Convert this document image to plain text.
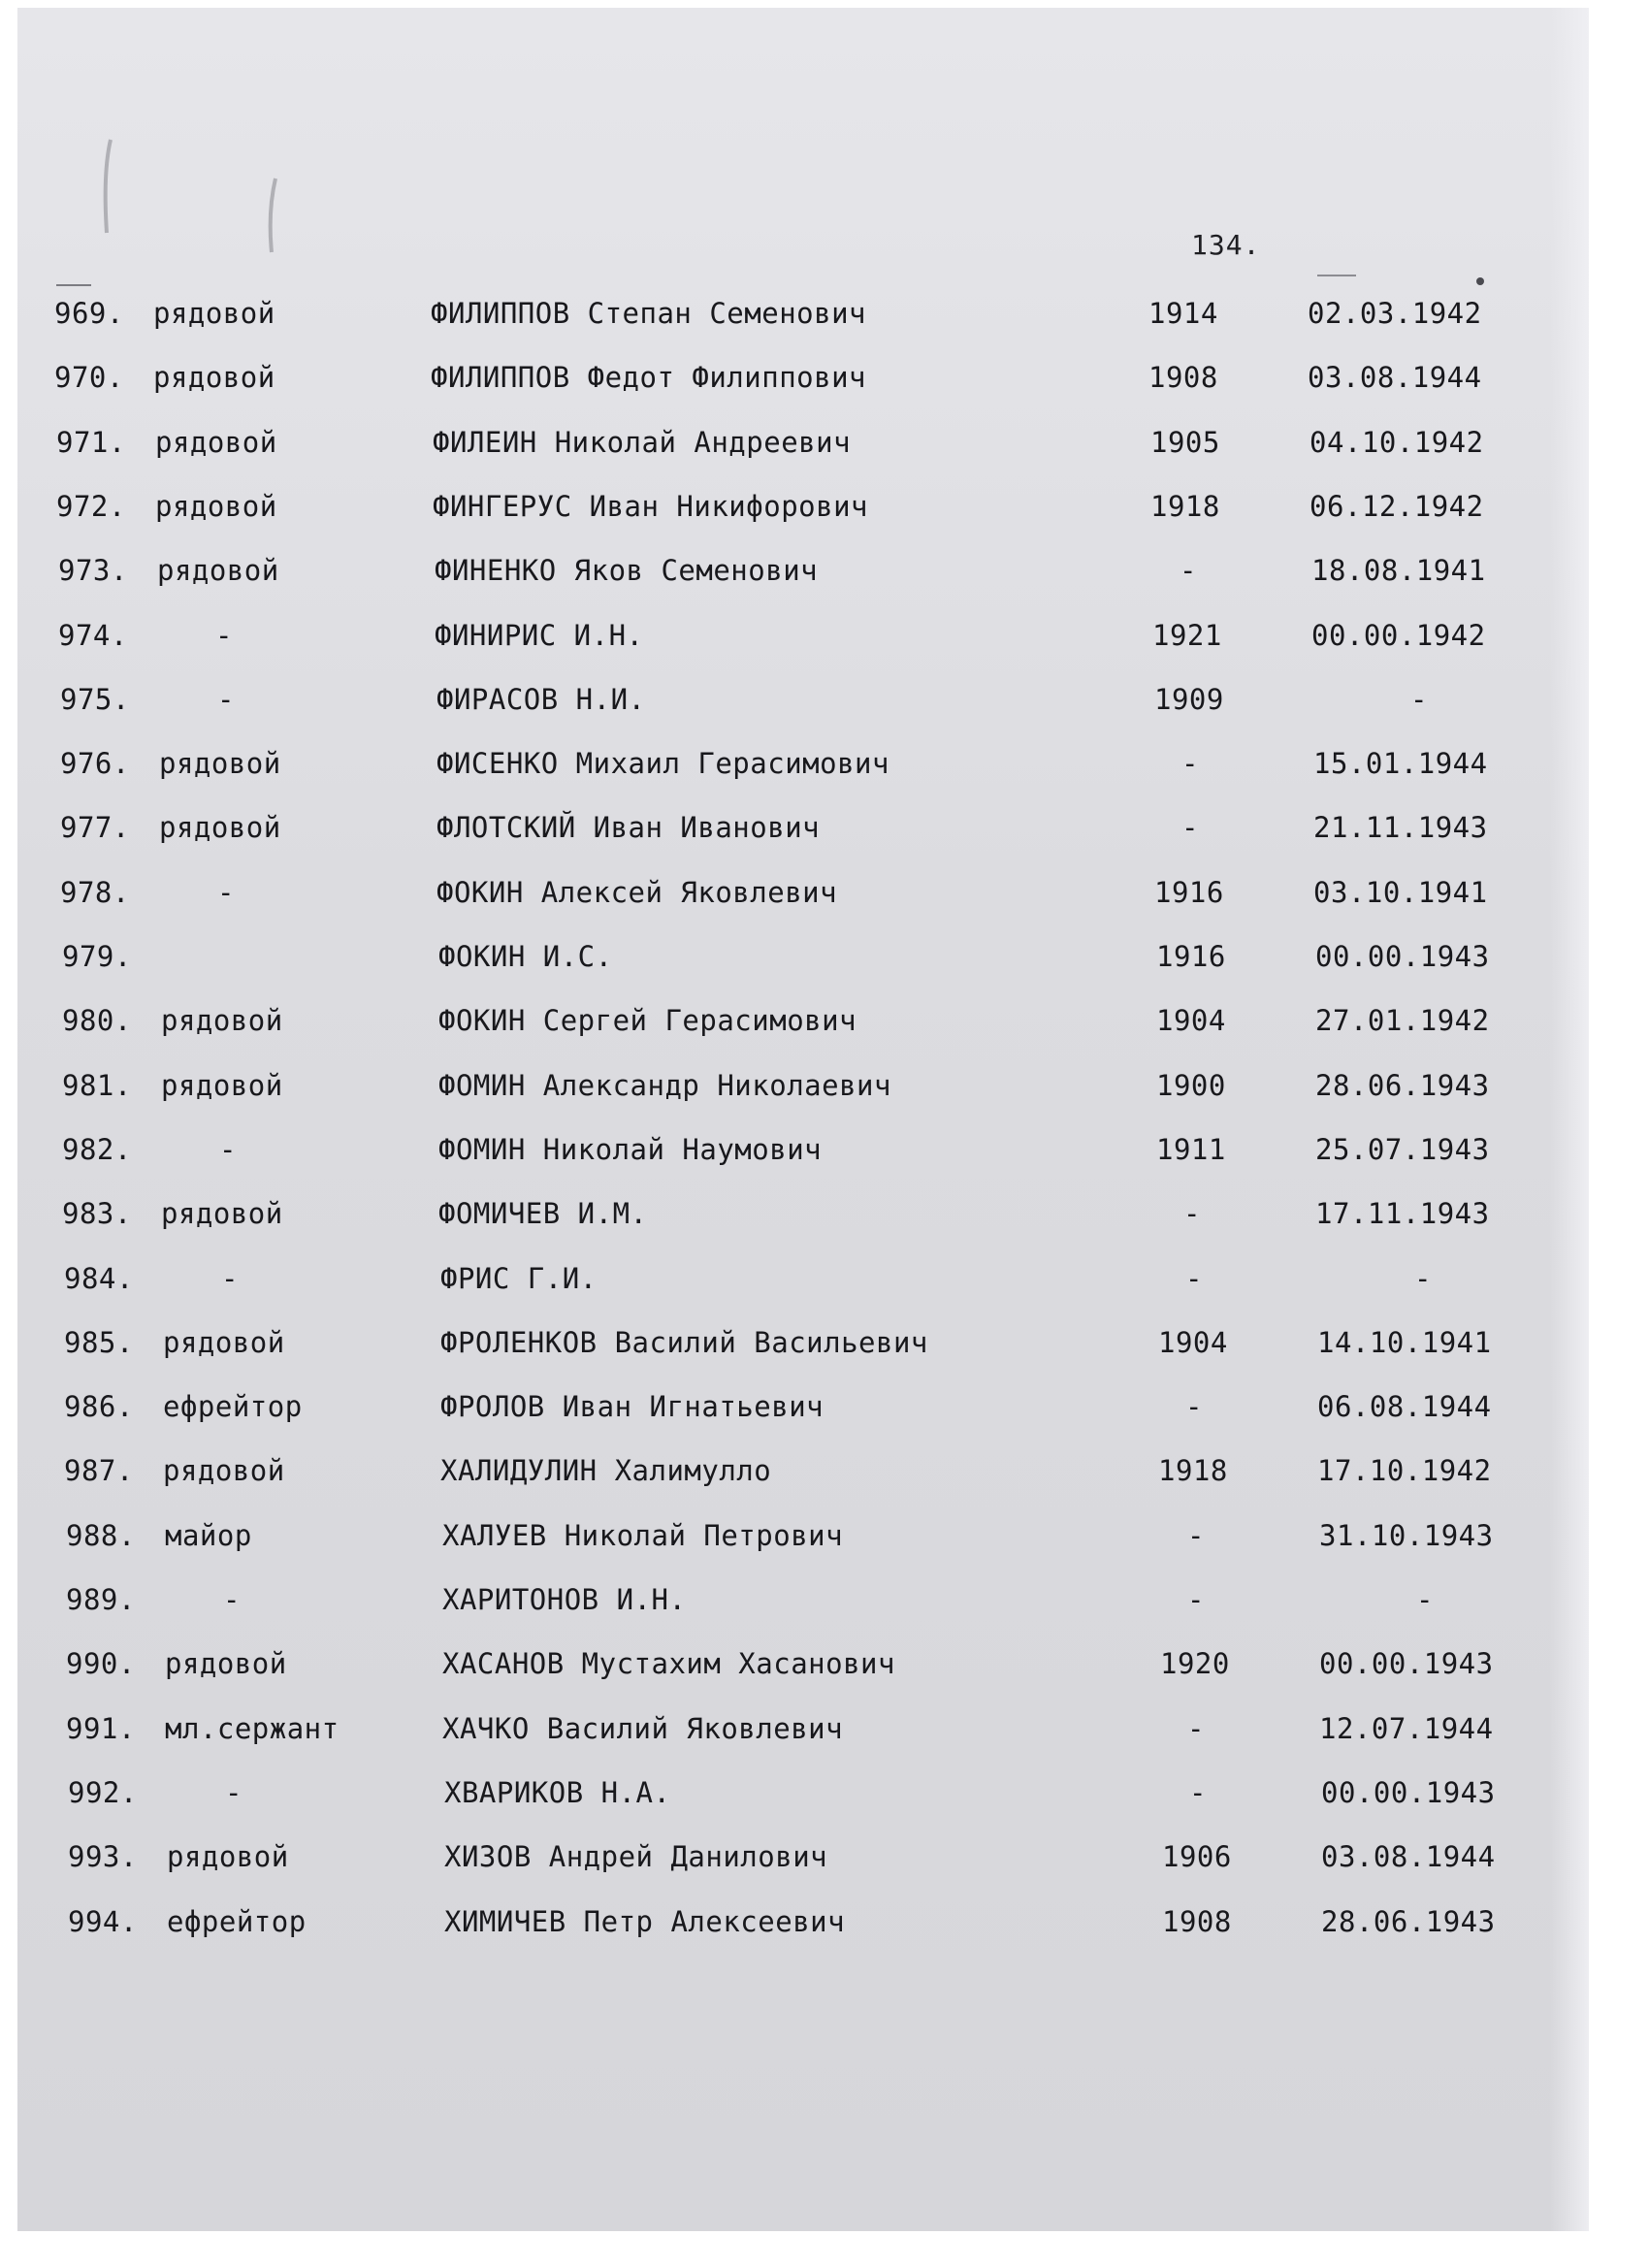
134.
969. рядовой	ФИЛИППОВ Степан Семенович	1914	02.03.1942
970. рядовой	ФИЛИППОВ Федот Филиппович	1908	03.08.1944
971. рядовой	ФИЛЕИН Николай Андреевич	1905	04.10.1942
972. рядовой	ФИНГЕРУС Иван Никифорович	1918	06.12.1942
973. рядовой	ФИНЕНКО Яков Семенович	-	18.08.1941
974.	-	ФИНИРИС И.Н.	1921	00.00.1942
975.	-	ФИРАСОВ Н.И.	1909	-
976. рядовой	ФИСЕНКО Михаил Герасимович	-	15.01.1944
977. рядовой	ФЛОТСКИЙ Иван Иванович	-	21.11.1943
978.	-	ФОКИН Алексей Яковлевич	1916	03.10.1941
979.	ФОКИН И.С.	1916	00.00.1943
980. рядовой	ФОКИН Сергей Герасимович	1904	27.01.1942
981. рядовой	ФОМИН Александр Николаевич	1900	28.06.1943
982.	-	ФОМИН Николай Наумович	1911	25.07.1943
983. рядовой	ФОМИЧЕВ И.М.	-	17.11.1943
984.	-	ФРИС Г.И.	-	-
985. рядовой	ФРОЛЕНКОВ Василий Васильевич	1904	14.10.1941
986. ефрейтор	ФРОЛОВ Иван Игнатьевич	-	06.08.1944
987. рядовой	ХАЛИДУЛИН Халимулло	1918	17.10.1942
988. майор	ХАЛУЕВ Николай Петрович	-	31.10.1943
989.	-	ХАРИТОНОВ И.Н.	-	-
990. рядовой	ХАСАНОВ Мустахим Хасанович	1920	00.00.1943
991. мл.сержант	ХАЧКО Василий Яковлевич	-	12.07.1944
992.	-	ХВАРИКОВ Н.А.	-	00.00.1943
993. рядовой	ХИЗОВ Андрей Данилович	1906	03.08.1944
994. ефрейтор	ХИМИЧЕВ Петр Алексеевич	1908	28.06.1943
